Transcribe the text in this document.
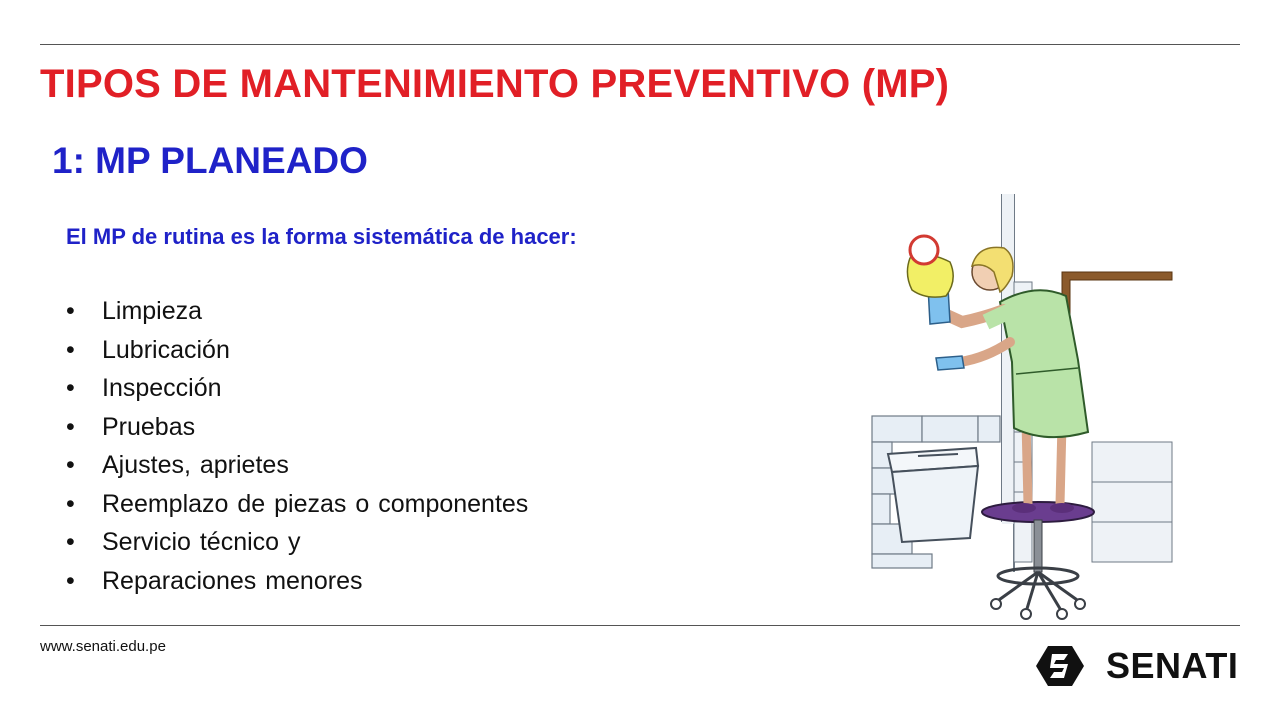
TIPOS DE MANTENIMIENTO PREVENTIVO (MP)
1: MP PLANEADO
El MP de rutina es la forma sistemática de hacer:
• Limpieza
• Lubricación
• Inspección
• Pruebas
• Ajustes, aprietes
• Reemplazo de piezas o componentes
• Servicio técnico y
• Reparaciones menores
www.senati.edu.pe	SENATI
